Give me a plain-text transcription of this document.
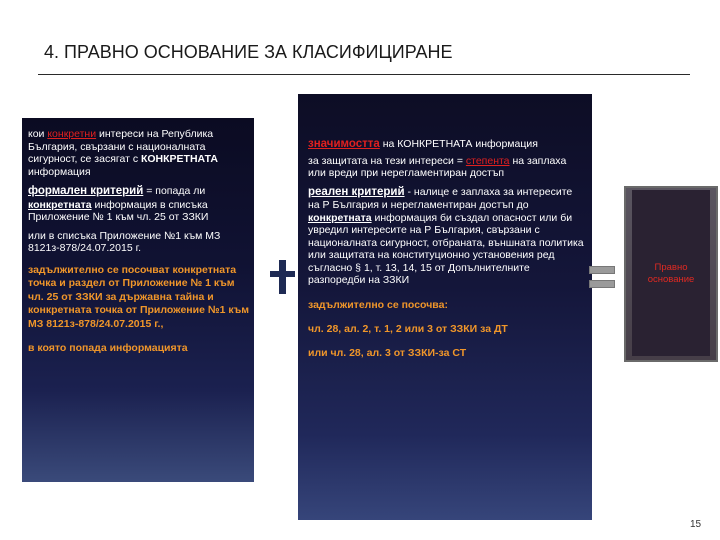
4. ПРАВНО ОСНОВАНИЕ ЗА КЛАСИФИЦИРАНЕ

кои конкретни интереси на Република България, свързани с националната сигурност, се засягат с КОНКРЕТНАТА информация

формален критерий = попада ли конкретната информация в списъка Приложение № 1 към чл. 25 от ЗЗКИ

или в списъка Приложение №1 към МЗ 8121з-878/24.07.2015 г.

задължително се посочват конкретната точка и раздел от Приложение № 1 към чл. 25 от ЗЗКИ за държавна тайна и конкретната точка от Приложение №1 към МЗ 8121з-878/24.07.2015 г.,

в която попада информацията

значимостта на КОНКРЕТНАТА информация

за защитата на тези интереси = степента на заплаха или вреди при нерегламентиран достъп

реален критерий - налице е заплаха за интересите на Р България и нерегламентиран достъп до конкретната информация би създал опасност или би увредил интересите на Р България, свързани с националната сигурност, отбраната, външната политика или защитата на конституционно установения ред съгласно § 1, т. 13, 14, 15 от Допълнителните разпоредби на ЗЗКИ

задължително се посочва:

чл. 28, ал. 2, т. 1, 2 или 3 от ЗЗКИ за ДТ

или чл. 28, ал. 3 от ЗЗКИ-за СТ

Правно основание
15
